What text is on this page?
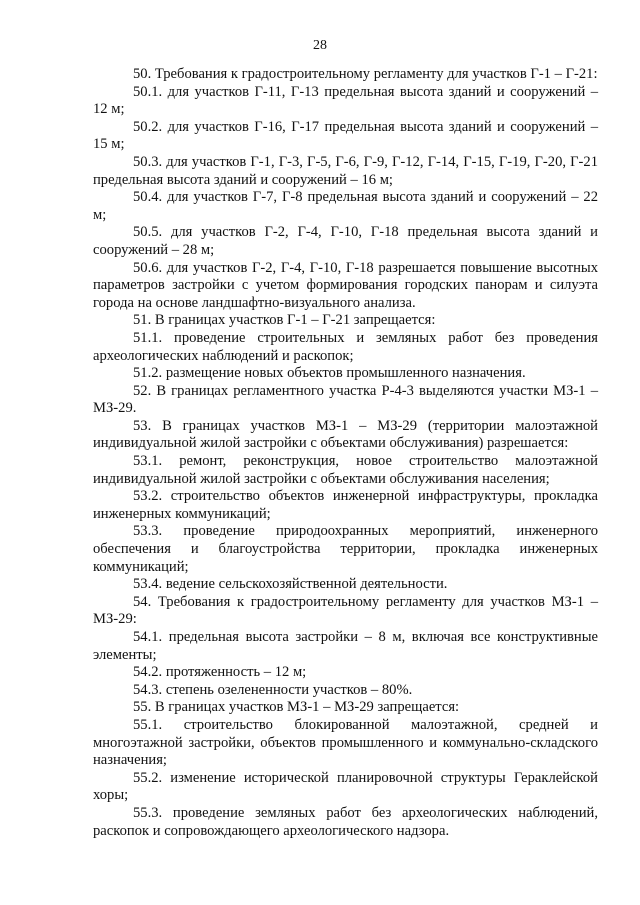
28

50. Требования к градостроительному регламенту для участков Г-1 – Г-21:

50.1. для участков Г-11, Г-13 предельная высота зданий и сооружений – 12 м;

50.2. для участков Г-16, Г-17 предельная высота зданий и сооружений – 15 м;

50.3. для участков Г-1, Г-3, Г-5, Г-6, Г-9, Г-12, Г-14, Г-15, Г-19, Г-20, Г-21 предельная высота зданий и сооружений – 16 м;

50.4. для участков Г-7, Г-8 предельная высота зданий и сооружений – 22 м;

50.5. для участков Г-2, Г-4, Г-10, Г-18 предельная высота зданий и сооружений – 28 м;

50.6. для участков Г-2, Г-4, Г-10, Г-18 разрешается повышение высотных параметров застройки с учетом формирования городских панорам и силуэта города на основе ландшафтно-визуального анализа.

51. В границах участков Г-1 – Г-21 запрещается:

51.1. проведение строительных и земляных работ без проведения археологических наблюдений и раскопок;

51.2. размещение новых объектов промышленного назначения.

52. В границах регламентного участка Р-4-3 выделяются участки МЗ-1 – МЗ-29.

53. В границах участков МЗ-1 – МЗ-29 (территории малоэтажной индивидуальной жилой застройки с объектами обслуживания) разрешается:

53.1. ремонт, реконструкция, новое строительство малоэтажной индивидуальной жилой застройки с объектами обслуживания населения;

53.2. строительство объектов инженерной инфраструктуры, прокладка инженерных коммуникаций;

53.3. проведение природоохранных мероприятий, инженерного обеспечения и благоустройства территории, прокладка инженерных коммуникаций;

53.4. ведение сельскохозяйственной деятельности.

54. Требования к градостроительному регламенту для участков МЗ-1 – МЗ-29:

54.1. предельная высота застройки – 8 м, включая все конструктивные элементы;

54.2. протяженность – 12 м;

54.3. степень озелененности участков – 80%.

55. В границах участков МЗ-1 – МЗ-29 запрещается:

55.1. строительство блокированной малоэтажной, средней и многоэтажной застройки, объектов промышленного и коммунально-складского назначения;

55.2. изменение исторической планировочной структуры Гераклейской хоры;

55.3. проведение земляных работ без археологических наблюдений, раскопок и сопровождающего археологического надзора.
